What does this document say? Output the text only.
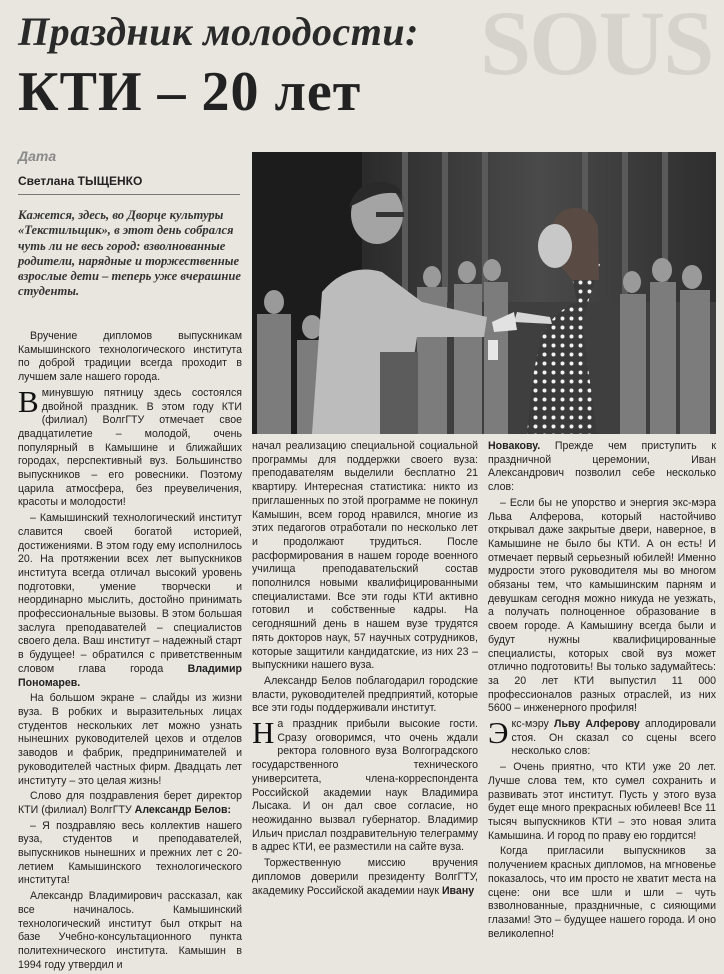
SOUS
Праздник молодости:
КТИ – 20 лет
Дата
Светлана ТЫЩЕНКО
Кажется, здесь, во Дворце культуры «Текстильщик», в этот день собрался чуть ли не весь город: взволнованные родители, нарядные и торжественные взрослые дети – теперь уже вчерашние студенты.

Вручение дипломов выпускникам Камышинского технологического института по доброй традиции всегда проходит в лучшем зале нашего города.

Вминувшую пятницу здесь состоялся двойной праздник. В этом году КТИ (филиал) ВолгГТУ отмечает свое двадцатилетие – молодой, очень популярный в Камышине и ближайших городах, перспективный вуз. Большинство выпускников – его ровесники. Поэтому царила атмосфера, без преувеличения, красоты и молодости!

– Камышинский технологический институт славится своей богатой историей, достижениями. В этом году ему исполнилось 20. На протяжении всех лет выпускников института всегда отличал высокий уровень подготовки, умение творчески и неординарно мыслить, достойно принимать профессиональные вызовы. В этом большая заслуга преподавателей – специалистов своего дела. Ваш институт – надежный старт в будущее! – обратился с приветственным словом глава города Владимир Пономарев.

На большом экране – слайды из жизни вуза. В робких и выразительных лицах студентов нескольких лет можно узнать нынешних руководителей цехов и отделов заводов и фабрик, предпринимателей и руководителей частных фирм. Двадцать лет институту – это целая жизнь!

Слово для поздравления берет директор КТИ (филиал) ВолгГТУ Александр Белов:

– Я поздравляю весь коллектив нашего вуза, студентов и преподавателей, выпускников нынешних и прежних лет с 20-летием Камышинского технологического института!

Александр Владимирович рассказал, как все начиналось. Камышинский технологический институт был открыт на базе Учебно-консультационного пункта политехнического института. Камышин в 1994 году утвердил и

начал реализацию специальной социальной программы для поддержки своего вуза: преподавателям выделили бесплатно 21 квартиру. Интересная статистика: никто из приглашенных по этой программе не покинул Камышин, всем город нравился, многие из этих педагогов отработали по несколько лет и продолжают трудиться. После расформирования в нашем городе военного училища преподавательский состав пополнился новыми квалифицированными специалистами. Все эти годы КТИ активно готовил и собственные кадры. На сегодняшний день в нашем вузе трудятся пять докторов наук, 57 научных сотрудников, которые защитили кандидатские, из них 23 – выпускники нашего вуза.

Александр Белов поблагодарил городские власти, руководителей предприятий, которые все эти годы поддерживали институт.

На праздник прибыли высокие гости. Сразу оговоримся, что очень ждали ректора головного вуза Волгоградского государственного технического университета, члена-корреспондента Российской академии наук Владимира Лысака. И он дал свое согласие, но неожиданно вызвал губернатор. Владимир Ильич прислал поздравительную телеграмму в адрес КТИ, ее разместили на сайте вуза.

Торжественную миссию вручения дипломов доверили президенту ВолгГТУ, академику Российской академии наук Ивану

Новакову. Прежде чем приступить к праздничной церемонии, Иван Александрович позволил себе несколько слов:

– Если бы не упорство и энергия экс-мэра Льва Алферова, который настойчиво открывал даже закрытые двери, наверное, в Камышине не было бы КТИ. А он есть! И отмечает первый серьезный юбилей! Именно мудрости этого руководителя мы во многом обязаны тем, что камышинским парням и девушкам сегодня можно никуда не уезжать, а получать полноценное образование в своем городе. А Камышину всегда были и будут нужны квалифицированные специалисты, которых свой вуз может отлично подготовить! Вы только задумайтесь: за 20 лет КТИ выпустил 11 000 профессионалов разных отраслей, из них 5600 – инженерного профиля!

Экс-мэру Льву Алферову аплодировали стоя. Он сказал со сцены всего несколько слов:

– Очень приятно, что КТИ уже 20 лет. Лучше слова тем, кто сумел сохранить и развивать этот институт. Пусть у этого вуза будет еще много прекрасных юбилеев! Все 11 тысяч выпускников КТИ – это новая элита Камышина. И город по праву ею гордится!

Когда пригласили выпускников за получением красных дипломов, на мгновенье показалось, что им просто не хватит места на сцене: они все шли и шли – чуть взволнованные, праздничные, с сияющими глазами! Это – будущее нашего города. И оно великолепно!
